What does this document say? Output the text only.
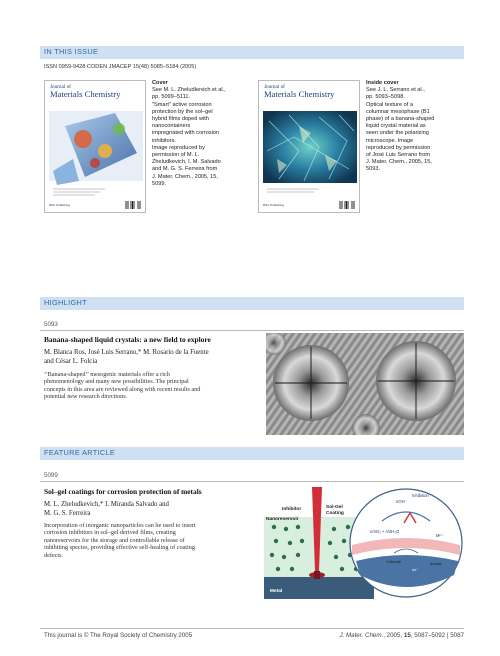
IN THIS ISSUE
ISSN 0959-9428 CODEN JMACEP 15(48) 5085–5184 (2005)
Journal of
Materials Chemistry
RSC Publishing
Cover
See M. L. Zheludkevich et al.,
pp. 5099–5111.
"Smart" active corrosion
protection by the sol–gel
hybrid films doped with
nanocontainers
impregnated with corrosion
inhibitors.
Image reproduced by
permission of M. L.
Zheludkevich, I. M. Salvado
and M. G. S. Ferreira from
J. Mater. Chem., 2005, 15,
5099.
Journal of
Materials Chemistry
RSC Publishing
Inside cover
See J. L. Serrano et al.,
pp. 5093–5098.
Optical texture of a
columnar mesophase (B1
phase) of a banana-shaped
liquid crystal material as
seen under the polarizing
microscope. Image
reproduced by permission
of José Luis Serrano from
J. Mater. Chem., 2005, 15,
5093.
HIGHLIGHT
5093
Banana-shaped liquid crystals: a new field to explore
M. Blanca Ros, José Luis Serrano,* M. Rosario de la Fuente
and César L. Folcia
‘‘Banana-shaped’’ mesogenic materials offer a rich
phenomenology and many new possibilities. The principal
concepts in this area are reviewed along with recent results and
potential new research directions.
FEATURE ARTICLE
5099
Sol–gel coatings for corrosion protection of metals
M. L. Zheludkevich,* I. Miranda Salvado and
M. G. S. Ferreira
Incorporation of inorganic nanoparticles can be used to insert
corrosion inhibitors in sol–gel derived films, creating
nanoreservoirs for the storage and controllable release of
inhibiting species, providing effective self-healing of coating
defects.
Inhibitor
Nanoreservoir
Sol-Gel
Coating
Metal
Inhibition
nOH⁻
n/4O₂ + n/2H₂O
Mⁿ⁺
Cathode
ne⁻
Anode
This journal is © The Royal Society of Chemistry 2005	J. Mater. Chem., 2005, 15, 5087–5092 | 5087
